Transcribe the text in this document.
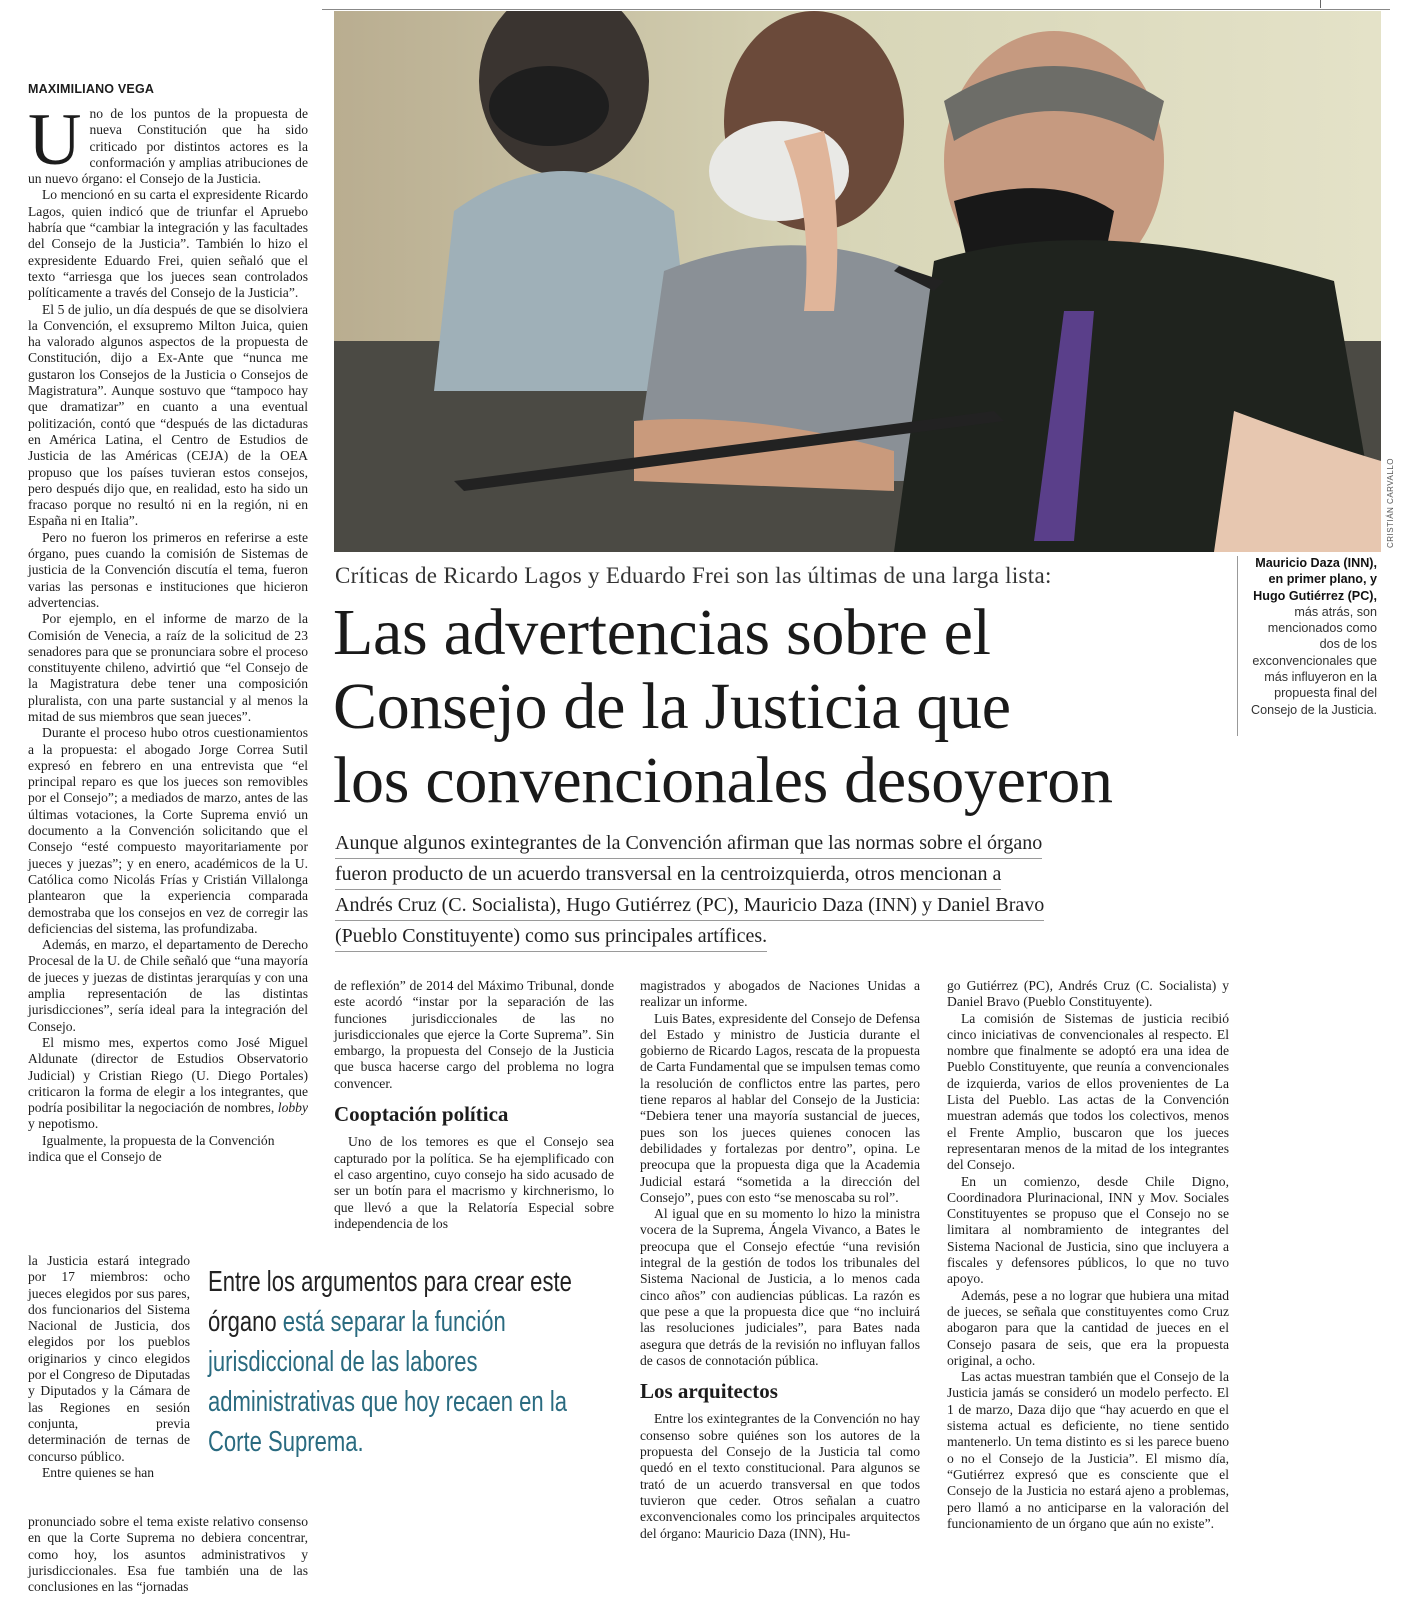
CRISTIÁN CARVALLO
Mauricio Daza (INN), en primer plano, y Hugo Gutiérrez (PC), más atrás, son mencionados como dos de los exconvencionales que más influyeron en la propuesta final del Consejo de la Justicia.
Críticas de Ricardo Lagos y Eduardo Frei son las últimas de una larga lista:
Las advertencias sobre el
Consejo de la Justicia que
los convencionales desoyeron
Aunque algunos exintegrantes de la Convención afirman que las normas sobre el órgano
fueron producto de un acuerdo transversal en la centroizquierda, otros mencionan a
Andrés Cruz (C. Socialista), Hugo Gutiérrez (PC), Mauricio Daza (INN) y Daniel Bravo
(Pueblo Constituyente) como sus principales artífices.
MAXIMILIANO VEGA

Uno de los puntos de la propuesta de nueva Constitución que ha sido criticado por distintos actores es la conformación y amplias atribuciones de un nuevo órgano: el Consejo de la Justicia.

Lo mencionó en su carta el expresidente Ricardo Lagos, quien indicó que de triunfar el Apruebo habría que “cambiar la integración y las facultades del Consejo de la Justicia”. También lo hizo el expresidente Eduardo Frei, quien señaló que el texto “arriesga que los jueces sean controlados políticamente a través del Consejo de la Justicia”.

El 5 de julio, un día después de que se disolviera la Convención, el exsupremo Milton Juica, quien ha valorado algunos aspectos de la propuesta de Constitución, dijo a Ex-Ante que “nunca me gustaron los Consejos de la Justicia o Consejos de Magistratura”. Aunque sostuvo que “tampoco hay que dramatizar” en cuanto a una eventual politización, contó que “después de las dictaduras en América Latina, el Centro de Estudios de Justicia de las Américas (CEJA) de la OEA propuso que los países tuvieran estos consejos, pero después dijo que, en realidad, esto ha sido un fracaso porque no resultó ni en la región, ni en España ni en Italia”.

Pero no fueron los primeros en referirse a este órgano, pues cuando la comisión de Sistemas de justicia de la Convención discutía el tema, fueron varias las personas e instituciones que hicieron advertencias.

Por ejemplo, en el informe de marzo de la Comisión de Venecia, a raíz de la solicitud de 23 senadores para que se pronunciara sobre el proceso constituyente chileno, advirtió que “el Consejo de la Magistratura debe tener una composición pluralista, con una parte sustancial y al menos la mitad de sus miembros que sean jueces”.

Durante el proceso hubo otros cuestionamientos a la propuesta: el abogado Jorge Correa Sutil expresó en febrero en una entrevista que “el principal reparo es que los jueces son removibles por el Consejo”; a mediados de marzo, antes de las últimas votaciones, la Corte Suprema envió un documento a la Convención solicitando que el Consejo “esté compuesto mayoritariamente por jueces y juezas”; y en enero, académicos de la U. Católica como Nicolás Frías y Cristián Villalonga plantearon que la experiencia comparada demostraba que los consejos en vez de corregir las deficiencias del sistema, las profundizaba.

Además, en marzo, el departamento de Derecho Procesal de la U. de Chile señaló que “una mayoría de jueces y juezas de distintas jerarquías y con una amplia representación de las distintas jurisdicciones”, sería ideal para la integración del Consejo.

El mismo mes, expertos como José Miguel Aldunate (director de Estudios Observatorio Judicial) y Cristian Riego (U. Diego Portales) criticaron la forma de elegir a los integrantes, que podría posibilitar la negociación de nombres, lobby y nepotismo.

Igualmente, la propuesta de la Convención indica que el Consejo de

la Justicia estará integrado por 17 miembros: ocho jueces elegidos por sus pares, dos funcionarios del Sistema Nacional de Justicia, dos elegidos por los pueblos originarios y cinco elegidos por el Congreso de Diputadas y Diputados y la Cámara de las Regiones en sesión conjunta, previa determinación de ternas de concurso público.

Entre quienes se han

pronunciado sobre el tema existe relativo consenso en que la Corte Suprema no debiera concentrar, como hoy, los asuntos administrativos y jurisdiccionales. Esa fue también una de las conclusiones en las “jornadas

Entre los argumentos para crear este órgano está separar la función jurisdiccional de las labores administrativas que hoy recaen en la Corte Suprema.

de reflexión” de 2014 del Máximo Tribunal, donde este acordó “instar por la separación de las funciones jurisdiccionales de las no jurisdiccionales que ejerce la Corte Suprema”. Sin embargo, la propuesta del Consejo de la Justicia que busca hacerse cargo del problema no logra convencer.

Cooptación política

Uno de los temores es que el Consejo sea capturado por la política. Se ha ejemplificado con el caso argentino, cuyo consejo ha sido acusado de ser un botín para el macrismo y kirchnerismo, lo que llevó a que la Relatoría Especial sobre independencia de los

magistrados y abogados de Naciones Unidas a realizar un informe.

Luis Bates, expresidente del Consejo de Defensa del Estado y ministro de Justicia durante el gobierno de Ricardo Lagos, rescata de la propuesta de Carta Fundamental que se impulsen temas como la resolución de conflictos entre las partes, pero tiene reparos al hablar del Consejo de la Justicia: “Debiera tener una mayoría sustancial de jueces, pues son los jueces quienes conocen las debilidades y fortalezas por dentro”, opina. Le preocupa que la propuesta diga que la Academia Judicial estará “sometida a la dirección del Consejo”, pues con esto “se menoscaba su rol”.

Al igual que en su momento lo hizo la ministra vocera de la Suprema, Ángela Vivanco, a Bates le preocupa que el Consejo efectúe “una revisión integral de la gestión de todos los tribunales del Sistema Nacional de Justicia, a lo menos cada cinco años” con audiencias públicas. La razón es que pese a que la propuesta dice que “no incluirá las resoluciones judiciales”, para Bates nada asegura que detrás de la revisión no influyan fallos de casos de connotación pública.

Los arquitectos

Entre los exintegrantes de la Convención no hay consenso sobre quiénes son los autores de la propuesta del Consejo de la Justicia tal como quedó en el texto constitucional. Para algunos se trató de un acuerdo transversal en que todos tuvieron que ceder. Otros señalan a cuatro exconvencionales como los principales arquitectos del órgano: Mauricio Daza (INN), Hu-

go Gutiérrez (PC), Andrés Cruz (C. Socialista) y Daniel Bravo (Pueblo Constituyente).

La comisión de Sistemas de justicia recibió cinco iniciativas de convencionales al respecto. El nombre que finalmente se adoptó era una idea de Pueblo Constituyente, que reunía a convencionales de izquierda, varios de ellos provenientes de La Lista del Pueblo. Las actas de la Convención muestran además que todos los colectivos, menos el Frente Amplio, buscaron que los jueces representaran menos de la mitad de los integrantes del Consejo.

En un comienzo, desde Chile Digno, Coordinadora Plurinacional, INN y Mov. Sociales Constituyentes se propuso que el Consejo no se limitara al nombramiento de integrantes del Sistema Nacional de Justicia, sino que incluyera a fiscales y defensores públicos, lo que no tuvo apoyo.

Además, pese a no lograr que hubiera una mitad de jueces, se señala que constituyentes como Cruz abogaron para que la cantidad de jueces en el Consejo pasara de seis, que era la propuesta original, a ocho.

Las actas muestran también que el Consejo de la Justicia jamás se consideró un modelo perfecto. El 1 de marzo, Daza dijo que “hay acuerdo en que el sistema actual es deficiente, no tiene sentido mantenerlo. Un tema distinto es si les parece bueno o no el Consejo de la Justicia”. El mismo día, “Gutiérrez expresó que es consciente que el Consejo de la Justicia no estará ajeno a problemas, pero llamó a no anticiparse en la valoración del funcionamiento de un órgano que aún no existe”.
